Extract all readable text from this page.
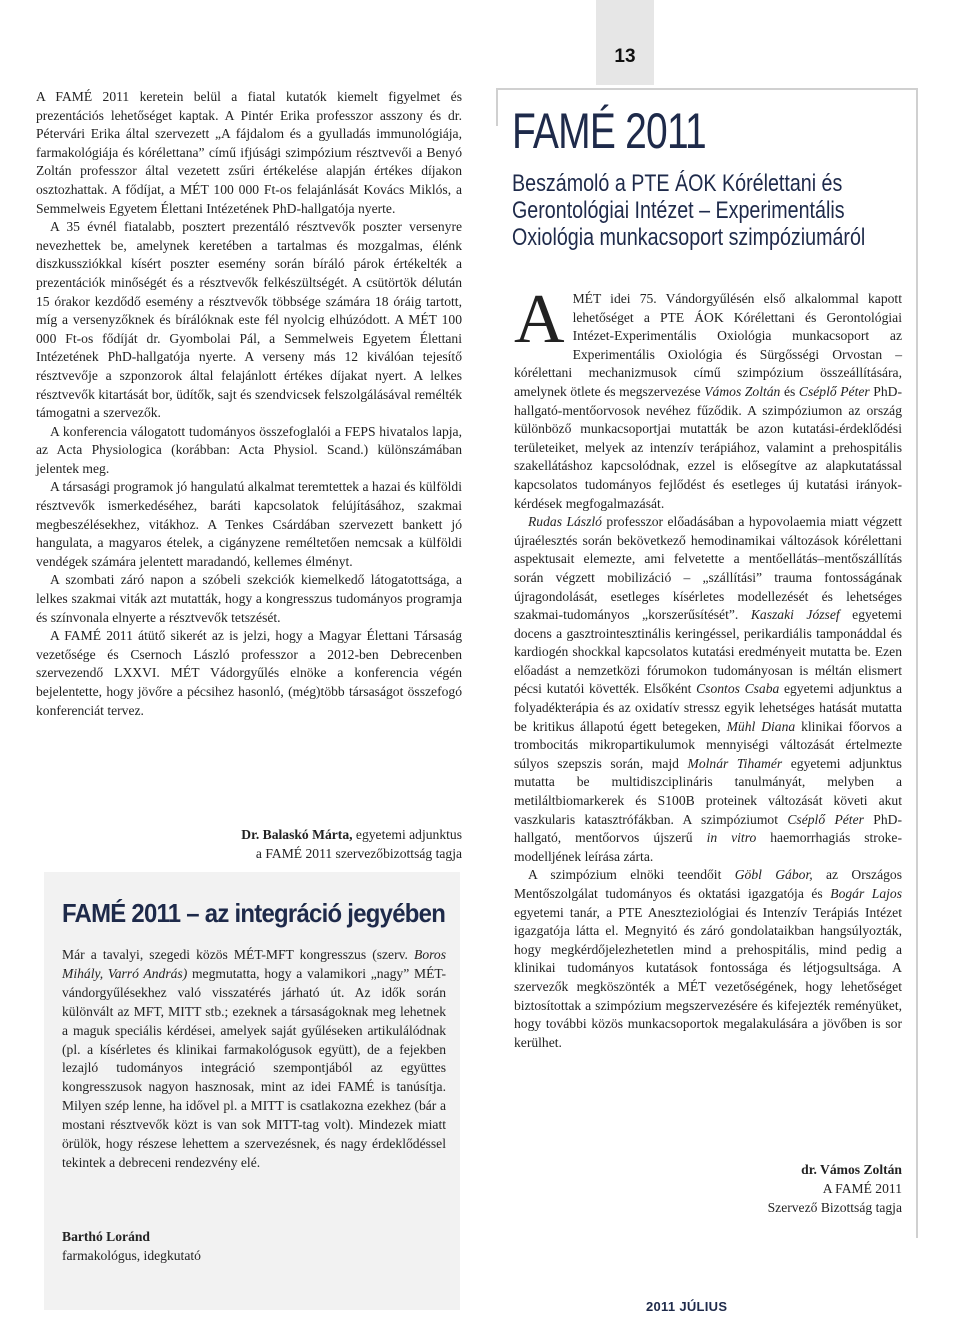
13

A FAMÉ 2011 keretein belül a fiatal kutatók kiemelt figyelmet és prezentációs lehetőséget kaptak. A Pintér Erika professzor asszony és dr. Pétervári Erika által szervezett „A fájdalom és a gyulladás immunológiája, farmakológiája és kórélettana” című ifjúsági szimpózium résztvevői a Benyó Zoltán professzor által vezetett zsűri értékelése alapján értékes díjakon osztozhattak. A fődíjat, a MÉT 100 000 Ft-os felajánlását Kovács Miklós, a Semmelweis Egyetem Élettani Intézetének PhD-hallgatója nyerte.

A 35 évnél fiatalabb, posztert prezentáló résztvevők poszter versenyre nevezhettek be, amelynek keretében a tartalmas és mozgalmas, élénk diszkussziókkal kísért poszter esemény során bíráló párok értékelték a prezentációk minőségét és a résztvevők felkészültségét. A csütörtök délután 15 órakor kezdődő esemény a résztvevők többsége számára 18 óráig tartott, míg a versenyzőknek és bírálóknak este fél nyolcig elhúzódott. A MÉT 100 000 Ft-os fődíját dr. Gyombolai Pál, a Semmelweis Egyetem Élettani Intézetének PhD-hallgatója nyerte. A verseny más 12 kiválóan tejesítő résztvevője a szponzorok által felajánlott értékes díjakat nyert. A lelkes résztvevők kitartását bor, üdítők, sajt és szendvicsek felszolgálásával remélték támogatni a szervezők.

A konferencia válogatott tudományos összefoglalói a FEPS hivatalos lapja, az Acta Physiologica (korábban: Acta Physiol. Scand.) különszámában jelentek meg.

A társasági programok jó hangulatú alkalmat teremtettek a hazai és külföldi résztvevők ismerkedéséhez, baráti kapcsolatok felújításához, szakmai megbeszélésekhez, vitákhoz. A Tenkes Csárdában szervezett bankett jó hangulata, a magyaros ételek, a cigányzene reméltetően nemcsak a külföldi vendégek számára jelentett maradandó, kellemes élményt.

A szombati záró napon a szóbeli szekciók kiemelkedő látogatottsága, a lelkes szakmai viták azt mutatták, hogy a kongresszus tudományos programja és színvonala elnyerte a résztvevők tetszését.

A FAMÉ 2011 átütő sikerét az is jelzi, hogy a Magyar Élettani Társaság vezetősége és Csernoch László professzor a 2012-ben Debrecenben szervezendő LXXVI. MÉT Vádorgyűlés elnöke a konferencia végén bejelentette, hogy jövőre a pécsihez hasonló, (még)több társaságot összefogó konferenciát tervez.

Dr. Balaskó Márta, egyetemi adjunktus
a FAMÉ 2011 szervezőbizottság tagja
FAMÉ 2011 – az integráció jegyében

Már a tavalyi, szegedi közös MÉT-MFT kongresszus (szerv. Boros Mihály, Varró András) megmutatta, hogy a valamikori „nagy” MÉT-vándorgyűlésekhez való visszatérés járható út. Az idők során különvált az MFT, MITT stb.; ezeknek a társaságoknak meg lehetnek a maguk speciális kérdései, amelyek saját gyűléseken artikulálódnak (pl. a kísérletes és klinikai farmakológusok együtt), de a fejekben lezajló tudományos integráció szempontjából az együttes kongresszusok nagyon hasznosak, mint az idei FAMÉ is tanúsítja. Milyen szép lenne, ha idővel pl. a MITT is csatlakozna ezekhez (bár a mostani résztvevők közt is van sok MITT-tag volt). Mindezek miatt örülök, hogy részese lehettem a szervezésnek, és nagy érdeklődéssel tekintek a debreceni rendezvény elé.

Barthó Loránd
farmakológus, idegkutató
FAMÉ 2011
Beszámoló a PTE ÁOK Kórélettani és Gerontológiai Intézet – Experimentális Oxiológia munkacsoport szimpóziumáról

AMÉT idei 75. Vándorgyűlésén első alkalommal kapott lehetőséget a PTE ÁOK Kórélettani és Gerontológiai Intézet-Experimentális Oxiológia munkacsoport az Experimentális Oxiológia és Sürgősségi Orvostan – kórélettani mechanizmusok című szimpózium összeállítására, amelynek ötlete és megszervezése Vámos Zoltán és Cséplő Péter PhD-hallgató-mentőorvosok nevéhez fűződik. A szimpóziumon az ország különböző munkacsoportjai mutatták be azon kutatási-érdeklődési területeiket, melyek az intenzív terápiához, valamint a prehospitális szakellátáshoz kapcsolódnak, ezzel is elősegítve az alapkutatással kapcsolatos tudományos fejlődést és esetleges új kutatási irányok-kérdések megfogalmazását.

Rudas László professzor előadásában a hypovolaemia miatt végzett újraélesztés során bekövetkező hemodinamikai változások kórélettani aspektusait elemezte, ami felvetette a mentőellátás–mentőszállítás során végzett mobilizáció – „szállítási” trauma fontosságának újragondolását, esetleges kísérletes modellezését és lehetséges szakmai-tudományos „korszerűsítését”. Kaszaki József egyetemi docens a gasztrointesztinális keringéssel, perikardiális tamponáddal és kardiogén shockkal kapcsolatos kutatási eredményeit mutatta be. Ezen előadást a nemzetközi fórumokon tudományosan is méltán elismert pécsi kutatói követték. Elsőként Csontos Csaba egyetemi adjunktus a folyadékterápia és az oxidatív stressz egyik lehetséges hatását mutatta be kritikus állapotú égett betegeken, Mühl Diana klinikai főorvos a trombocitás mikropartikulumok mennyiségi változását értelmezte súlyos szepszis során, majd Molnár Tihamér egyetemi adjunktus mutatta be multidiszciplináris tanulmányát, melyben a metiláltbiomarkerek és S100B proteinek változását követi akut vaszkularis katasztrófákban. A szimpóziumot Cséplő Péter PhD-hallgató, mentőorvos újszerű in vitro haemorrhagiás stroke-modelljének leírása zárta.

A szimpózium elnöki teendőit Göbl Gábor, az Országos Mentőszolgálat tudományos és oktatási igazgatója és Bogár Lajos egyetemi tanár, a PTE Aneszteziológiai és Intenzív Terápiás Intézet igazgatója látta el. Megnyitó és záró gondolataikban hangsúlyozták, hogy megkérdőjelezhetetlen mind a prehospitális, mind pedig a klinikai tudományos kutatások fontossága és létjogsultsága. A szervezők megköszönték a MÉT vezetőségének, hogy lehetőséget biztosítottak a szimpózium megszervezésére és kifejezték reményüket, hogy további közös munkacsoportok megalakulására a jövőben is sor kerülhet.

dr. Vámos Zoltán
A FAMÉ 2011
Szervező Bizottság tagja
2011 JÚLIUS
